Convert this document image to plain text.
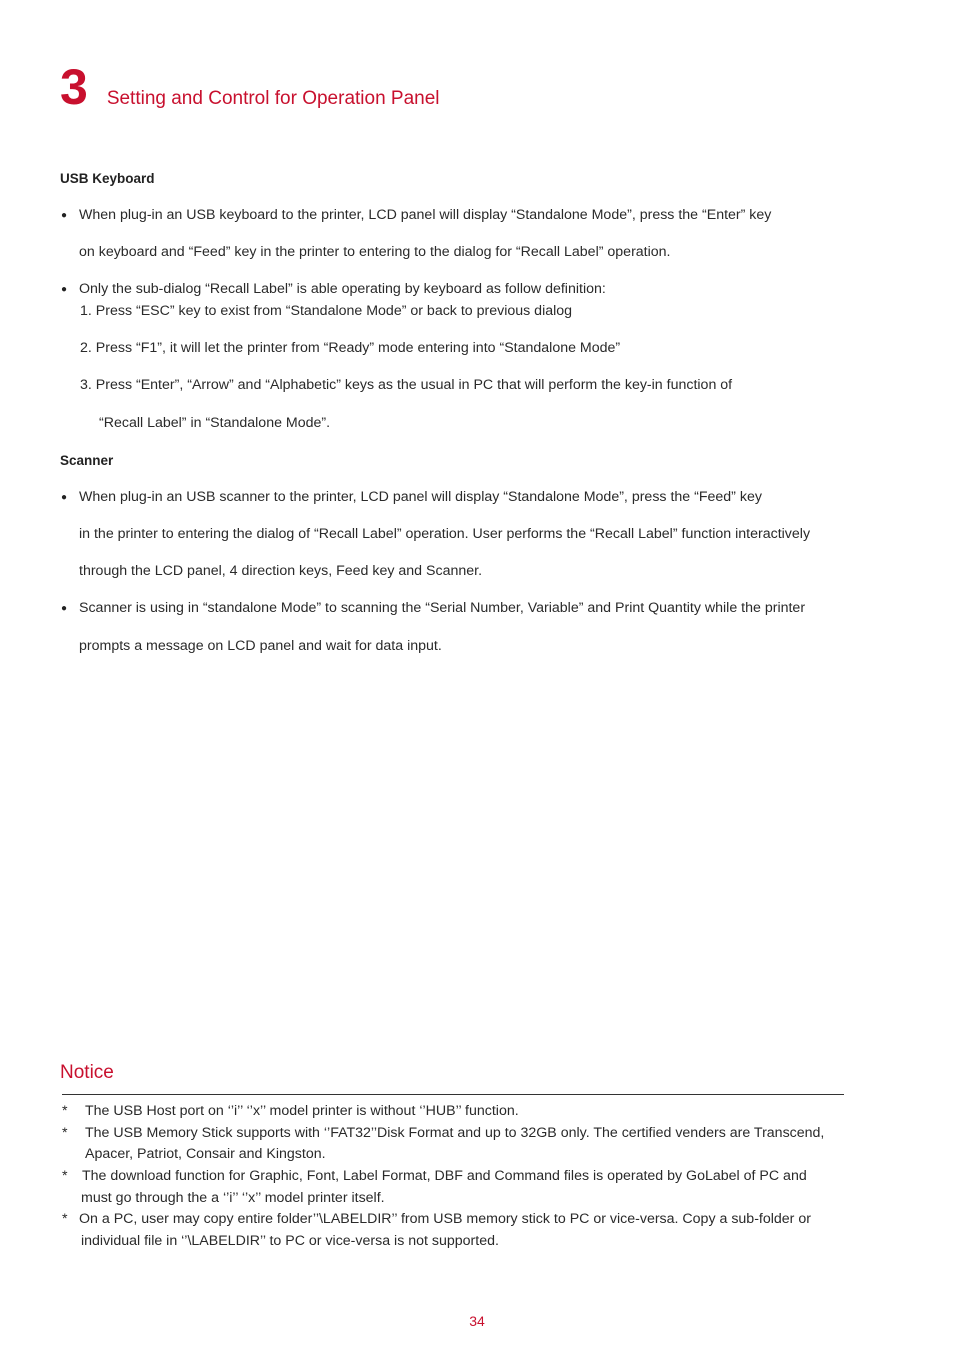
3 Setting and Control for Operation Panel
USB Keyboard
● When plug-in an USB keyboard to the printer, LCD panel will display “Standalone Mode”, press the “Enter” key
on keyboard and “Feed” key in the printer to entering to the dialog for “Recall Label” operation.
● Only the sub-dialog “Recall Label” is able operating by keyboard as follow definition:
1. Press “ESC” key to exist from “Standalone Mode” or back to previous dialog
2. Press “F1”, it will let the printer from “Ready” mode entering into “Standalone Mode”
3. Press “Enter”, “Arrow” and “Alphabetic” keys as the usual in PC that will perform the key-in function of
“Recall Label” in “Standalone Mode”.
Scanner
● When plug-in an USB scanner to the printer, LCD panel will display “Standalone Mode”, press the “Feed” key
in the printer to entering the dialog of “Recall Label” operation. User performs the “Recall Label” function interactively
through the LCD panel, 4 direction keys, Feed key and Scanner.
● Scanner is using in “standalone Mode” to scanning the “Serial Number, Variable” and Print Quantity while the printer
prompts a message on LCD panel and wait for data input.
Notice
* The USB Host port on ‘’i’’ ‘’x’’ model printer is without ‘’HUB’’ function.
* The USB Memory Stick supports with ‘’FAT32’’Disk Format and up to 32GB only. The certified venders are Transcend,
Apacer, Patriot, Consair and Kingston.
* The download function for Graphic, Font, Label Format, DBF and Command files is operated by GoLabel of PC and
must go through the a ‘’i’’ ‘’x’’ model printer itself.
* On a PC, user may copy entire folder’’\LABELDIR’’ from USB memory stick to PC or vice-versa. Copy a sub-folder or
individual file in ‘’\LABELDIR’’ to PC or vice-versa is not supported.
34
